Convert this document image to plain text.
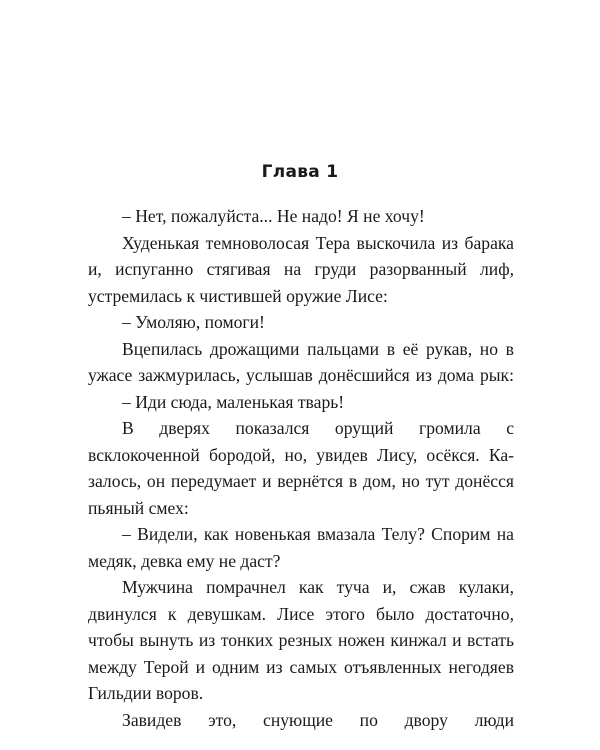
Глава 1
– Нет, пожалуйста... Не надо! Я не хочу!
Худенькая темноволосая Тера выскочила из барака
и, испуганно стягивая на груди разорванный лиф,
устремилась к чистившей оружие Лисе:
– Умоляю, помоги!
Вцепилась дрожащими пальцами в её рукав, но в
ужасе зажмурилась, услышав донёсшийся из дома рык:
– Иди сюда, маленькая тварь!
В дверях показался орущий громила с
всклокоченной бородой, но, увидев Лису, осёкся. Ка-
залось, он передумает и вернётся в дом, но тут донёсся
пьяный смех:
– Видели, как новенькая вмазала Телу? Спорим на
медяк, девка ему не даст?
Мужчина помрачнел как туча и, сжав кулаки,
двинулся к девушкам. Лисе этого было достаточно,
чтобы вынуть из тонких резных ножен кинжал и встать
между Терой и одним из самых отъявленных негодяев
Гильдии воров.
Завидев это, снующие по двору люди
